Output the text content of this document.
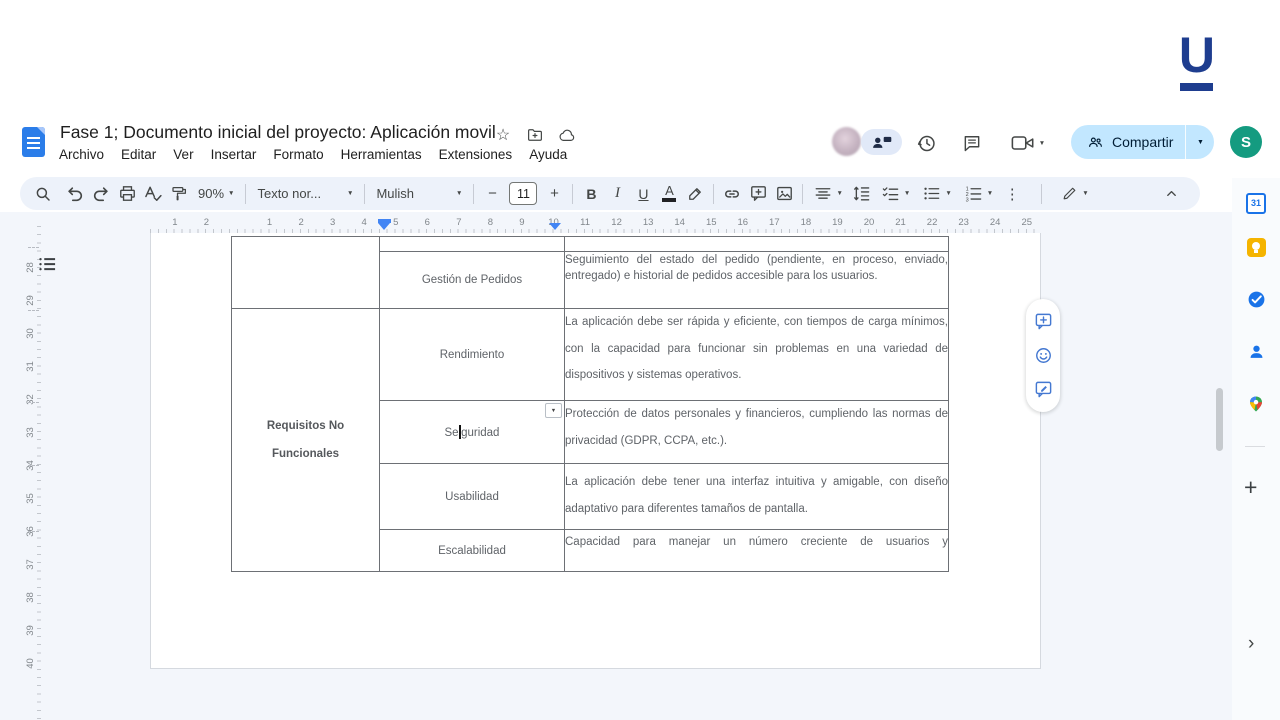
U
Fase 1; Documento inicial del proyecto: Aplicación movil ☆
Archivo Editar Ver Insertar Formato Herramientas Extensiones Ayuda
▼	Compartir	▼	S
90% ▼ Texto nor...	▼ Mulish	▼	−	11	+	B	I	U	A	▼	▼	▼
1
2
3
▼ ⋮	▼
2
1	1	2	3	4	5	6	7	8	9 10 11 12 13 14 15 16 17 18 19 20 21 22 23 24 25
28
29
30
31
32
33
34
35
36
37
38
39
40

	Gestión de Pedidos	Seguimiento del estado del pedido (pendiente, en proceso, enviado, entregado) e historial de pedidos accesible para los usuarios.

Requisitos No
Funcionales	Rendimiento	La aplicación debe ser rápida y eficiente, con tiempos de carga mínimos, con la capacidad para funcionar sin problemas en una variedad de dispositivos y sistemas operativos.

▼
Se guridad	Protección de datos personales y financieros, cumpliendo las normas de privacidad (GDPR, CCPA, etc.).
	Usabilidad	La aplicación debe tener una interfaz intuitiva y amigable, con diseño adaptativo para diferentes tamaños de pantalla.
	Escalabilidad	Capacidad para manejar un número creciente de usuarios y
31
+
›
